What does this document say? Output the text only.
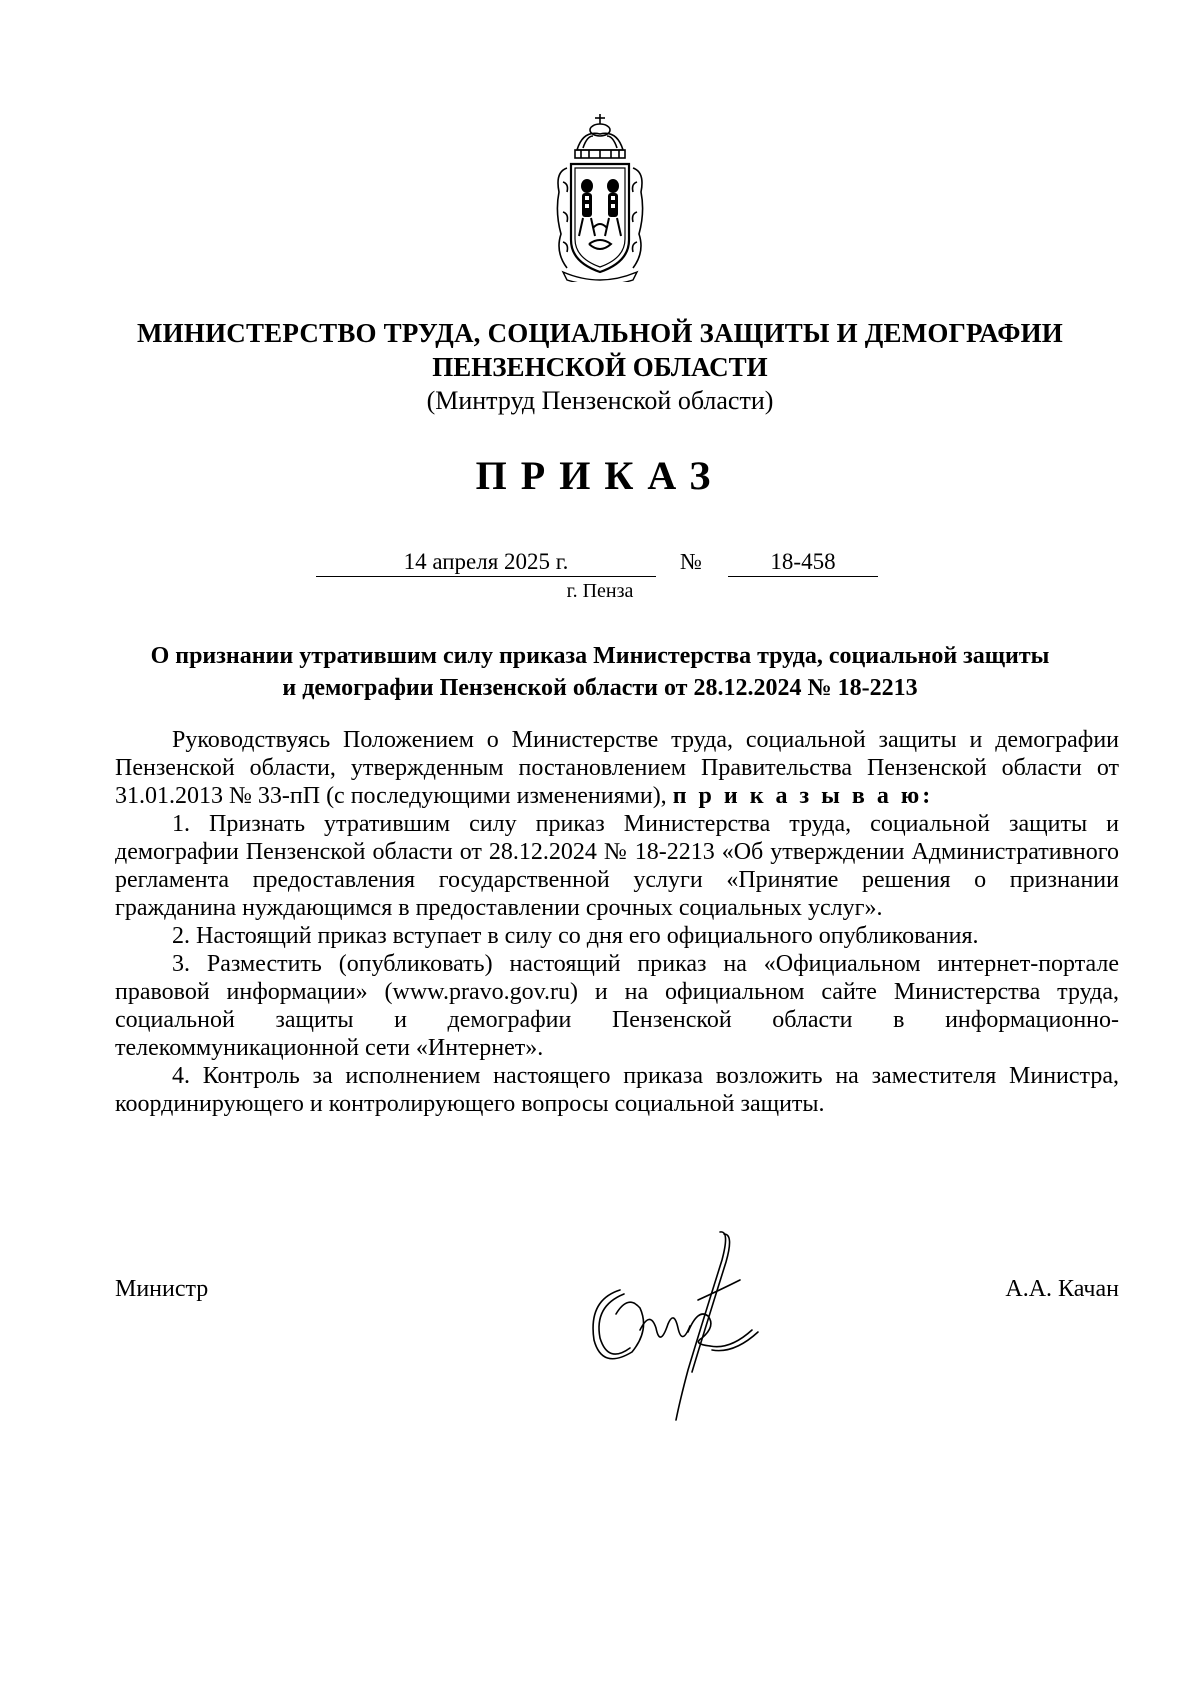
МИНИСТЕРСТВО ТРУДА, СОЦИАЛЬНОЙ ЗАЩИТЫ И ДЕМОГРАФИИ
ПЕНЗЕНСКОЙ ОБЛАСТИ
(Минтруд Пензенской области)
ПРИКАЗ
14 апреля 2025 г.	№	18-458
г. Пенза
О признании утратившим силу приказа Министерства труда, социальной защиты
и демографии Пензенской области от 28.12.2024 № 18-2213

Руководствуясь Положением о Министерстве труда, социальной защиты и демографии Пензенской области, утвержденным постановлением Правительства Пензенской области от 31.01.2013 № 33-пП (с последующими изменениями), п р и к а з ы в а ю:

1. Признать утратившим силу приказ Министерства труда, социальной защиты и демографии Пензенской области от 28.12.2024 № 18-2213 «Об утверждении Административного регламента предоставления государственной услуги «Принятие решения о признании гражданина нуждающимся в предоставлении срочных социальных услуг».

2. Настоящий приказ вступает в силу со дня его официального опубликования.

3. Разместить (опубликовать) настоящий приказ на «Официальном интернет-портале правовой информации» (www.pravo.gov.ru) и на официальном сайте Министерства труда, социальной защиты и демографии Пензенской области в информационно-телекоммуникационной сети «Интернет».

4. Контроль за исполнением настоящего приказа возложить на заместителя Министра, координирующего и контролирующего вопросы социальной защиты.

Министр	А.А. Качан
